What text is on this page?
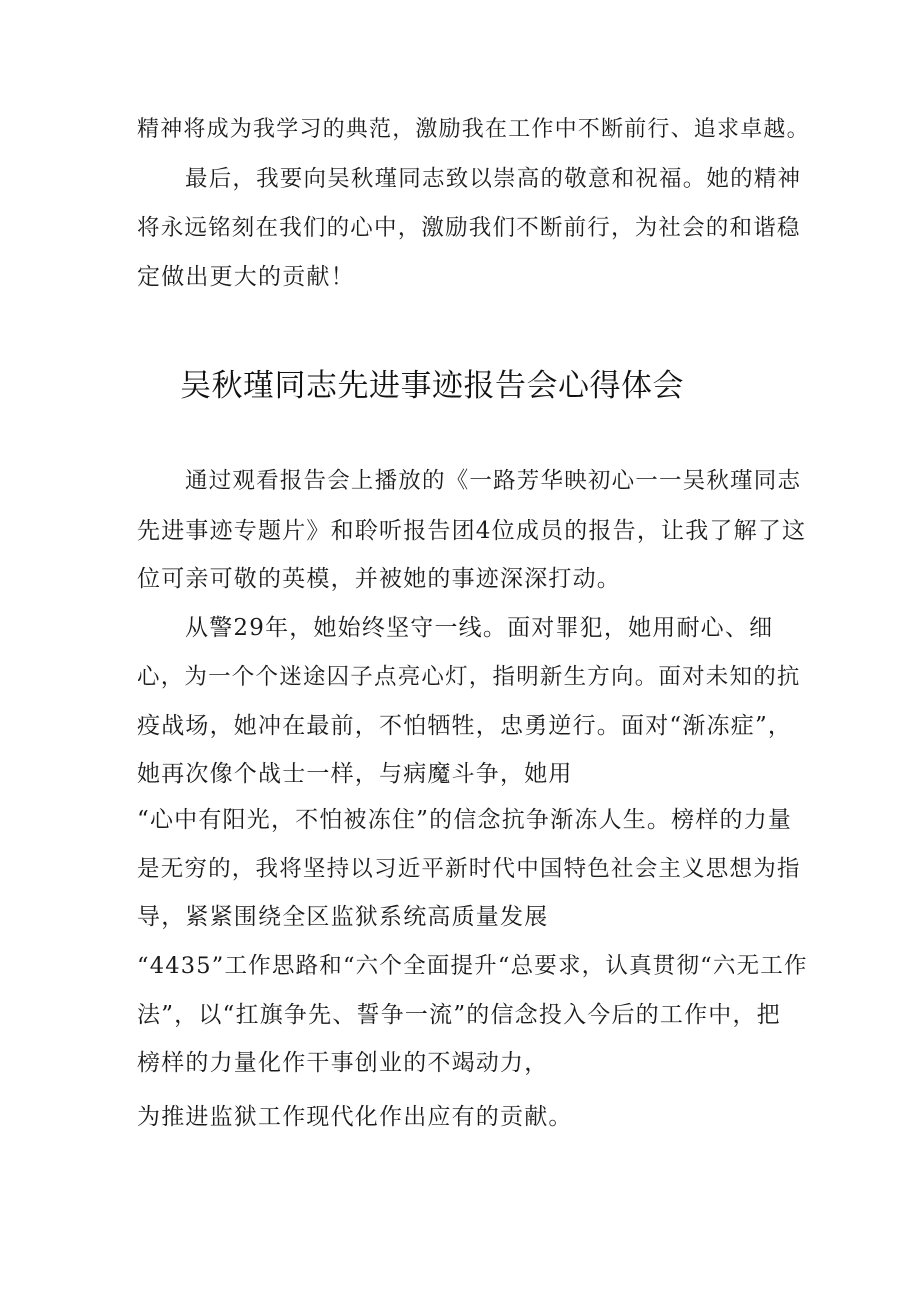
精神将成为我学习的典范，激励我在工作中不断前行、追求卓越。
最后，我要向吴秋瑾同志致以崇高的敬意和祝福。她的精神
将永远铭刻在我们的心中，激励我们不断前行，为社会的和谐稳
定做出更大的贡献！
吴秋瑾同志先进事迹报告会心得体会
通过观看报告会上播放的《一路芳华映初心一一吴秋瑾同志
先进事迹专题片》和聆听报告团4位成员的报告，让我了解了这
位可亲可敬的英模，并被她的事迹深深打动。
从警29年，她始终坚守一线。面对罪犯，她用耐心、细
心，为一个个迷途囚子点亮心灯，指明新生方向。面对未知的抗
疫战场，她冲在最前，不怕牺牲，忠勇逆行。面对“渐冻症”，
她再次像个战士一样，与病魔斗争，她用
“心中有阳光，不怕被冻住”的信念抗争渐冻人生。榜样的力量
是无穷的，我将坚持以习近平新时代中国特色社会主义思想为指
导，紧紧围绕全区监狱系统高质量发展
“4435”工作思路和“六个全面提升“总要求，认真贯彻“六无工作
法”，以“扛旗争先、誓争一流”的信念投入今后的工作中，把
榜样的力量化作干事创业的不竭动力，
为推进监狱工作现代化作出应有的贡献。
